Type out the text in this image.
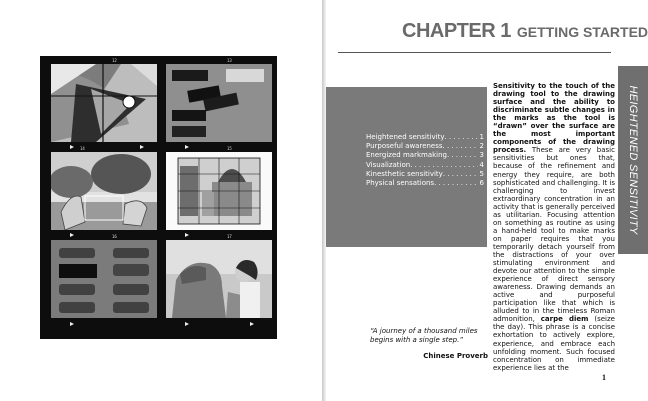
12	13
14	15
16	17
CHAPTER 1 GETTING STARTED
Heightened sensitivity . . .	1
Purposeful awareness . . .	2
Energized markmaking . . .	3
Visualization . . .	4
Kinesthetic sensitivity . . .	5
Physical sensations . . .	6
Sensitivity to the touch of the drawing tool to the drawing surface and the ability to discriminate subtle changes in the marks as the tool is “drawn” over the surface are the most important components of the drawing process. These are very basic sensitivities but ones that, because of the refinement and energy they require, are both sophisticated and challenging. It is challenging to invest extraordinary concentration in an activity that is generally perceived as utilitarian. Focusing attention on something as routine as using a hand-held tool to make marks on paper requires that you temporarily detach yourself from the distractions of your over stimulating environment and devote our attention to the simple experience of direct sensory awareness. Drawing demands an active and purposeful participation like that which is alluded to in the timeless Roman admonition, carpe diem (seize the day). This phrase is a concise exhortation to actively explore, experience, and embrace each unfolding moment. Such focused concentration on immediate experience lies at the
“A journey of a thousand miles begins with a single step.”
Chinese Proverb
HEIGHTENED SENSITIVITY
1
